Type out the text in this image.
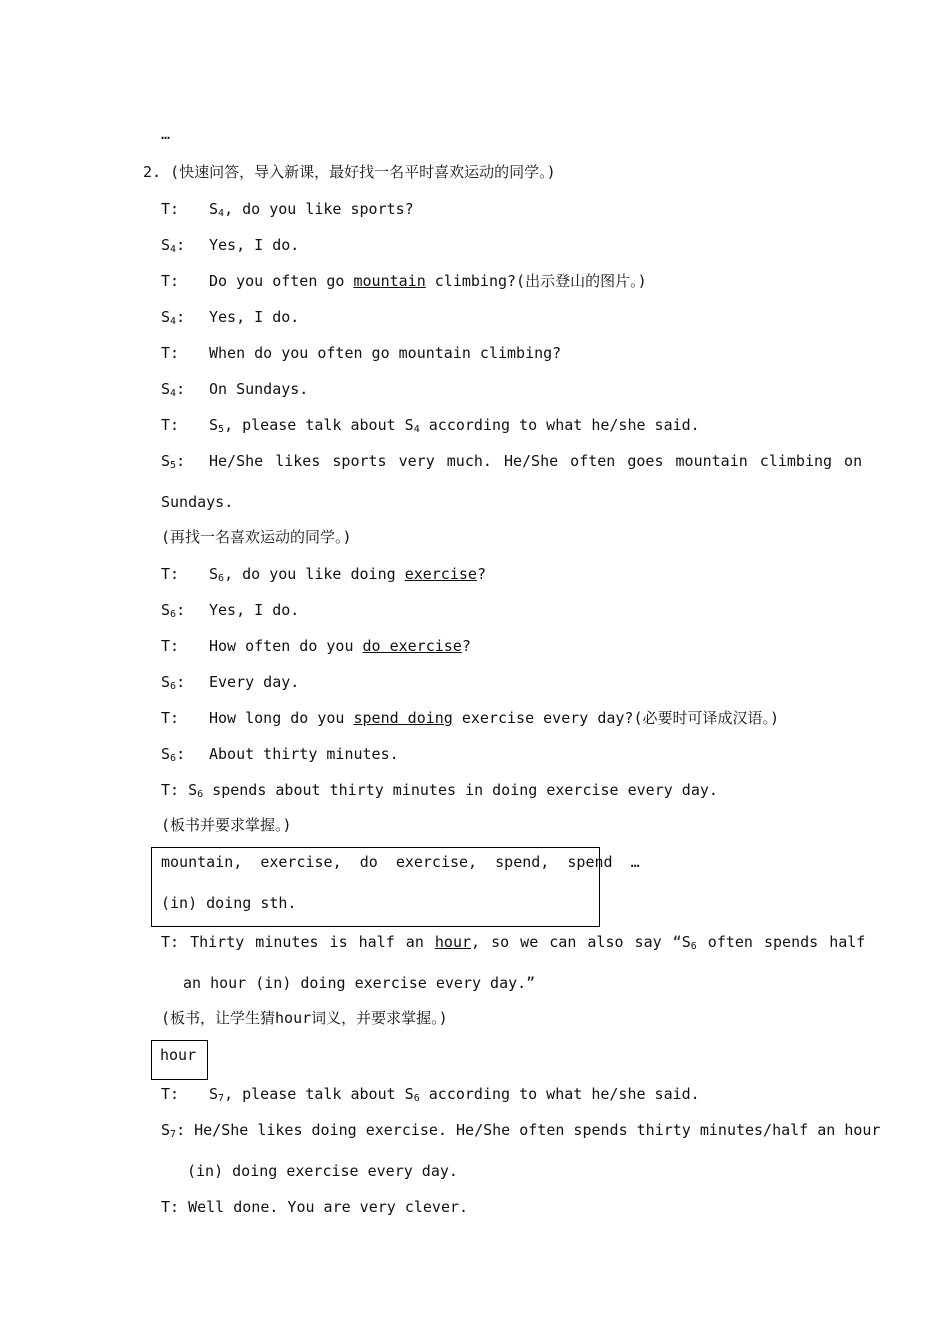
…
2. (快速问答，导入新课，最好找一名平时喜欢运动的同学。)
T: $S_4$, do you like sports?
$S_4$: Yes, I do.
T: Do you often go mountain climbing?(出示登山的图片。)
$S_4$: Yes, I do.
T: When do you often go mountain climbing?
$S_4$: On Sundays.
T: $S_5$, please talk about $S_4$ according to what he/she said.
$S_5$: He/She likes sports very much. He/She often goes mountain climbing on
Sundays.
(再找一名喜欢运动的同学。)
T: $S_6$, do you like doing exercise?
$S_6$: Yes, I do.
T: How often do you do exercise?
$S_6$: Every day.
T: How long do you spend doing exercise every day?(必要时可译成汉语。)
$S_6$: About thirty minutes.
T: $S_6$ spends about thirty minutes in doing exercise every day.
(板书并要求掌握。)
mountain, exercise, do exercise, spend, spend …
(in) doing sth.
T: Thirty minutes is half an hour, so we can also say “$S_6$ often spends half
an hour (in) doing exercise every day.”
(板书，让学生猜hour词义，并要求掌握。)
hour
T: $S_7$, please talk about $S_6$ according to what he/she said.
$S_7$: He/She likes doing exercise. He/She often spends thirty minutes/half an hour
(in) doing exercise every day.
T: Well done. You are very clever.
